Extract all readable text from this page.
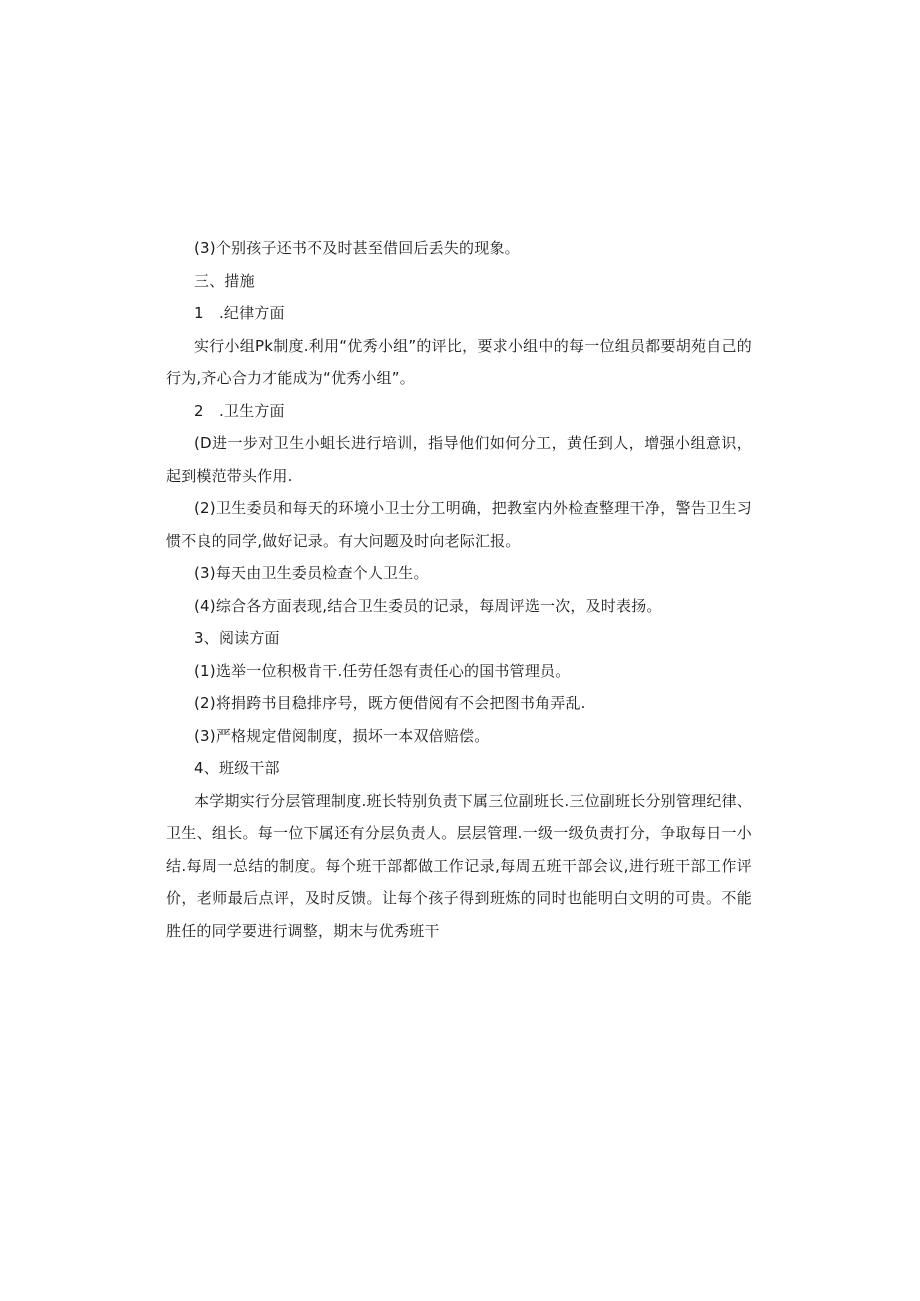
(3)个别孩子还书不及时甚至借回后丢失的现象。

三、措施

1　.纪律方面

实行小组Pk制度.利用“优秀小组”的评比，要求小组中的每一位组员都要胡苑自己的行为,齐心合力才能成为“优秀小组”。

2　.卫生方面

(D进一步对卫生小蛆长进行培训，指导他们如何分工，黄任到人，增强小组意识，起到模范带头作用.

(2)卫生委员和每天的环境小卫士分工明确，把教室内外检查整理干净，警告卫生习惯不良的同学,做好记录。有大问题及时向老际汇报。

(3)每天由卫生委员检查个人卫生。

(4)综合各方面表现,结合卫生委员的记录，每周评选一次，及时表扬。

3、阅读方面

(1)选举一位积极肯干.任劳任怨有责任心的国书管理员。

(2)将捐跨书目稳排序号，既方便借阅有不会把图书角弄乱.

(3)严格规定借阅制度，损坏一本双倍赔偿。

4、班级干部

本学期实行分层管理制度.班长特别负责下属三位副班长.三位副班长分别管理纪律、卫生、组长。每一位下属还有分层负责人。层层管理.一级一级负责打分，争取每日一小结.每周一总结的制度。每个班干部都做工作记录,每周五班干部会议,进行班干部工作评价，老师最后点评，及时反馈。让每个孩子得到班炼的同时也能明白文明的可贵。不能胜任的同学要进行调整，期末与优秀班干
